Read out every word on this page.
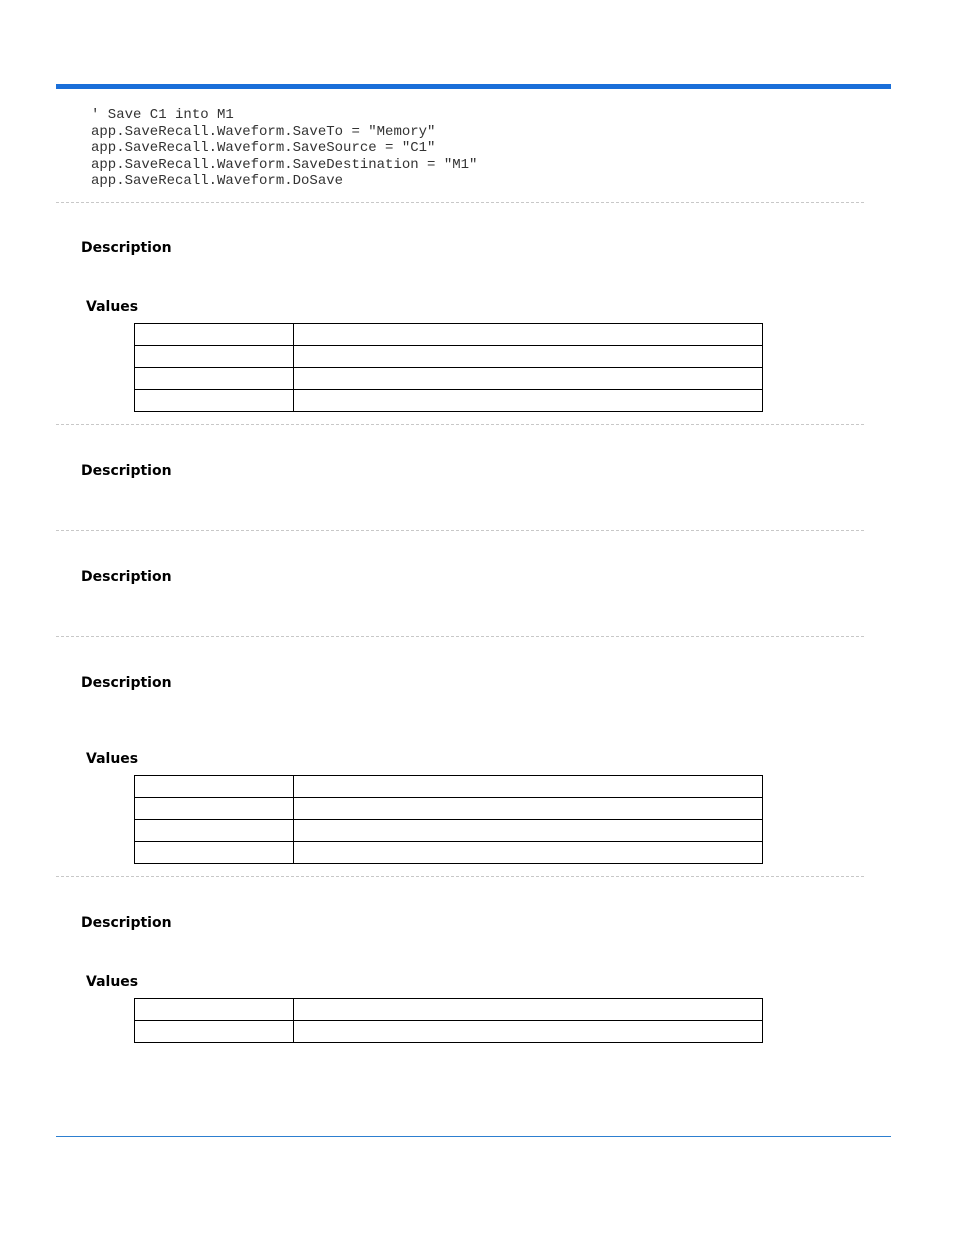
' Save C1 into M1
app.SaveRecall.Waveform.SaveTo = "Memory"
app.SaveRecall.Waveform.SaveSource = "C1"
app.SaveRecall.Waveform.SaveDestination = "M1"
app.SaveRecall.Waveform.DoSave

Description

Values

Description

Description

Description

Values

Description

Values
